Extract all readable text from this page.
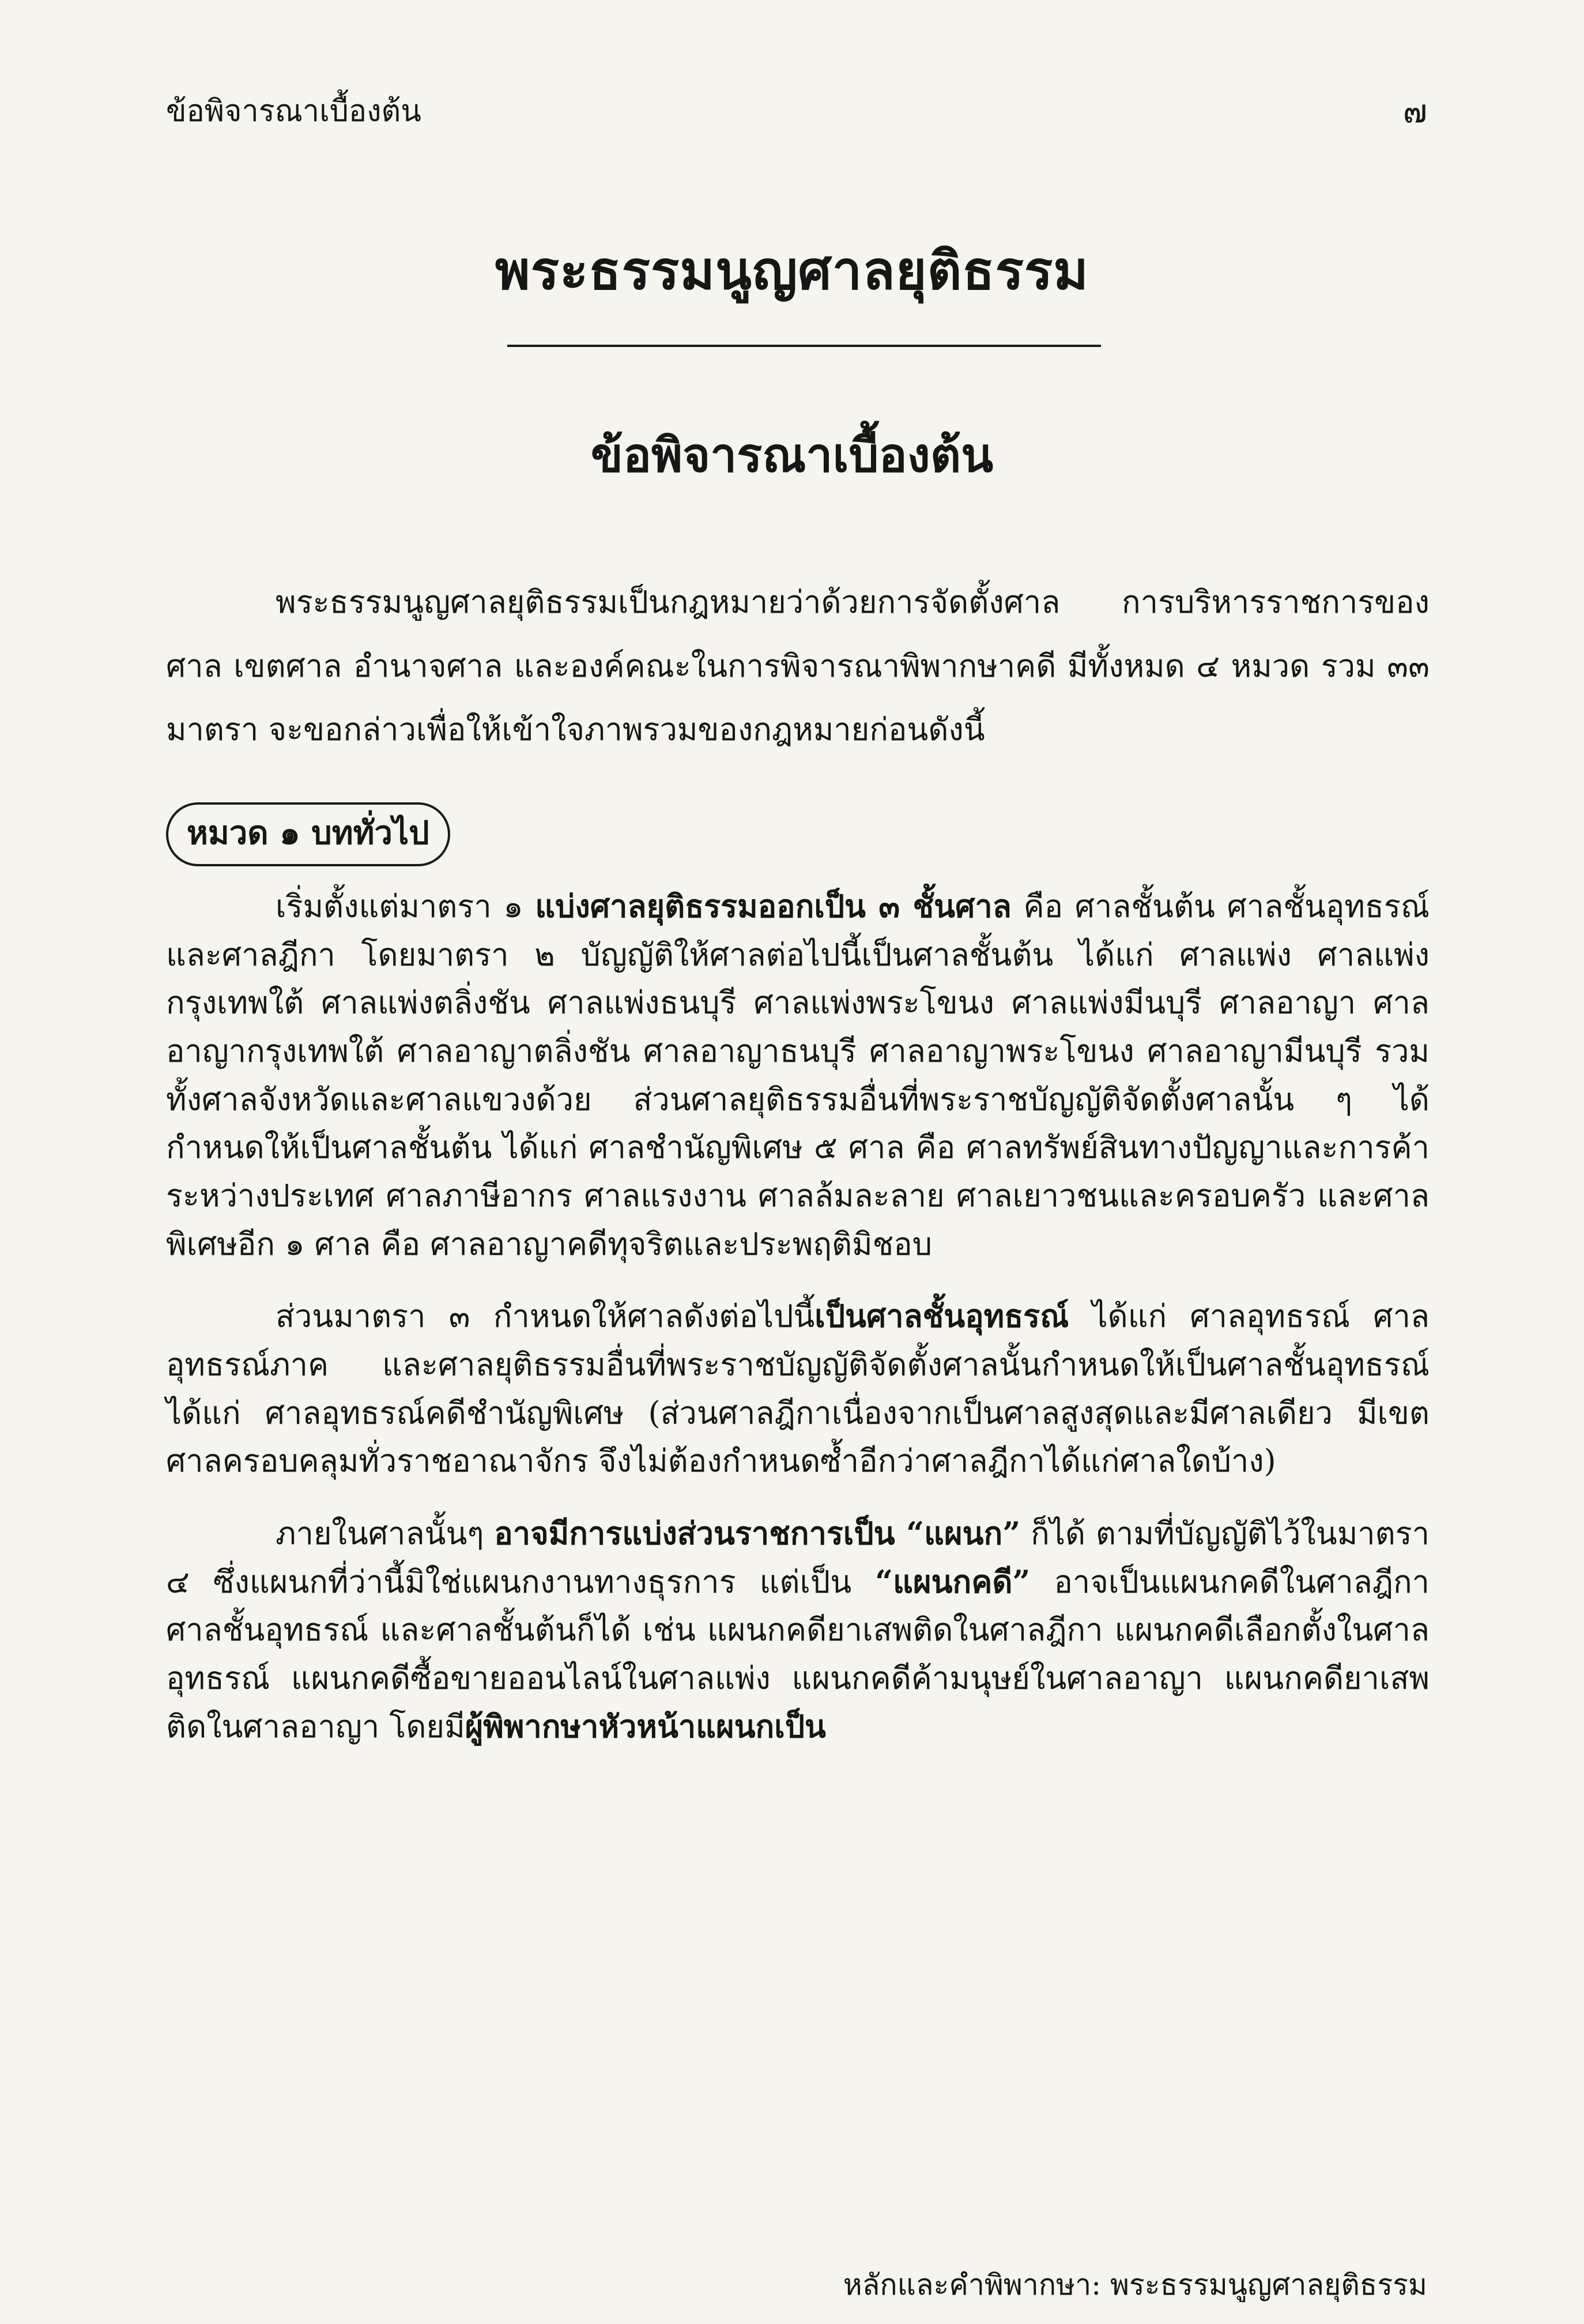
ข้อพิจารณาเบื้องต้น	๗
พระธรรมนูญศาลยุติธรรม
ข้อพิจารณาเบื้องต้น

พระธรรมนูญศาลยุติธรรมเป็นกฎหมายว่าด้วยการจัดตั้งศาล การบริหารราชการของศาล เขตศาล อำนาจศาล และองค์คณะในการพิจารณาพิพากษาคดี มีทั้งหมด ๔ หมวด รวม ๓๓ มาตรา จะขอกล่าวเพื่อให้เข้าใจภาพรวมของกฎหมายก่อนดังนี้

หมวด ๑ บททั่วไป

เริ่มตั้งแต่มาตรา ๑ แบ่งศาลยุติธรรมออกเป็น ๓ ชั้นศาล คือ ศาลชั้นต้น ศาลชั้นอุทธรณ์ และศาลฎีกา โดยมาตรา ๒ บัญญัติให้ศาลต่อไปนี้เป็นศาลชั้นต้น ได้แก่ ศาลแพ่ง ศาลแพ่งกรุงเทพใต้ ศาลแพ่งตลิ่งชัน ศาลแพ่งธนบุรี ศาลแพ่งพระโขนง ศาลแพ่งมีนบุรี ศาลอาญา ศาลอาญากรุงเทพใต้ ศาลอาญาตลิ่งชัน ศาลอาญาธนบุรี ศาลอาญาพระโขนง ศาลอาญามีนบุรี รวมทั้งศาลจังหวัดและศาลแขวงด้วย ส่วนศาลยุติธรรมอื่นที่พระราชบัญญัติจัดตั้งศาลนั้น ๆ ได้กำหนดให้เป็นศาลชั้นต้น ได้แก่ ศาลชำนัญพิเศษ ๕ ศาล คือ ศาลทรัพย์สินทางปัญญาและการค้าระหว่างประเทศ ศาลภาษีอากร ศาลแรงงาน ศาลล้มละลาย ศาลเยาวชนและครอบครัว และศาลพิเศษอีก ๑ ศาล คือ ศาลอาญาคดีทุจริตและประพฤติมิชอบ

ส่วนมาตรา ๓ กำหนดให้ศาลดังต่อไปนี้เป็นศาลชั้นอุทธรณ์ ได้แก่ ศาลอุทธรณ์ ศาลอุทธรณ์ภาค และศาลยุติธรรมอื่นที่พระราชบัญญัติจัดตั้งศาลนั้นกำหนดให้เป็นศาลชั้นอุทธรณ์ ได้แก่ ศาลอุทธรณ์คดีชำนัญพิเศษ (ส่วนศาลฎีกาเนื่องจากเป็นศาลสูงสุดและมีศาลเดียว มีเขตศาลครอบคลุมทั่วราชอาณาจักร จึงไม่ต้องกำหนดซ้ำอีกว่าศาลฎีกาได้แก่ศาลใดบ้าง)

ภายในศาลนั้นๆ อาจมีการแบ่งส่วนราชการเป็น “แผนก” ก็ได้ ตามที่บัญญัติไว้ในมาตรา ๔ ซึ่งแผนกที่ว่านี้มิใช่แผนกงานทางธุรการ แต่เป็น “แผนกคดี” อาจเป็นแผนกคดีในศาลฎีกา ศาลชั้นอุทธรณ์ และศาลชั้นต้นก็ได้ เช่น แผนกคดียาเสพติดในศาลฎีกา แผนกคดีเลือกตั้งในศาลอุทธรณ์ แผนกคดีซื้อขายออนไลน์ในศาลแพ่ง แผนกคดีค้ามนุษย์ในศาลอาญา แผนกคดียาเสพติดในศาลอาญา โดยมีผู้พิพากษาหัวหน้าแผนกเป็น

หลักและคำพิพากษา: พระธรรมนูญศาลยุติธรรม
